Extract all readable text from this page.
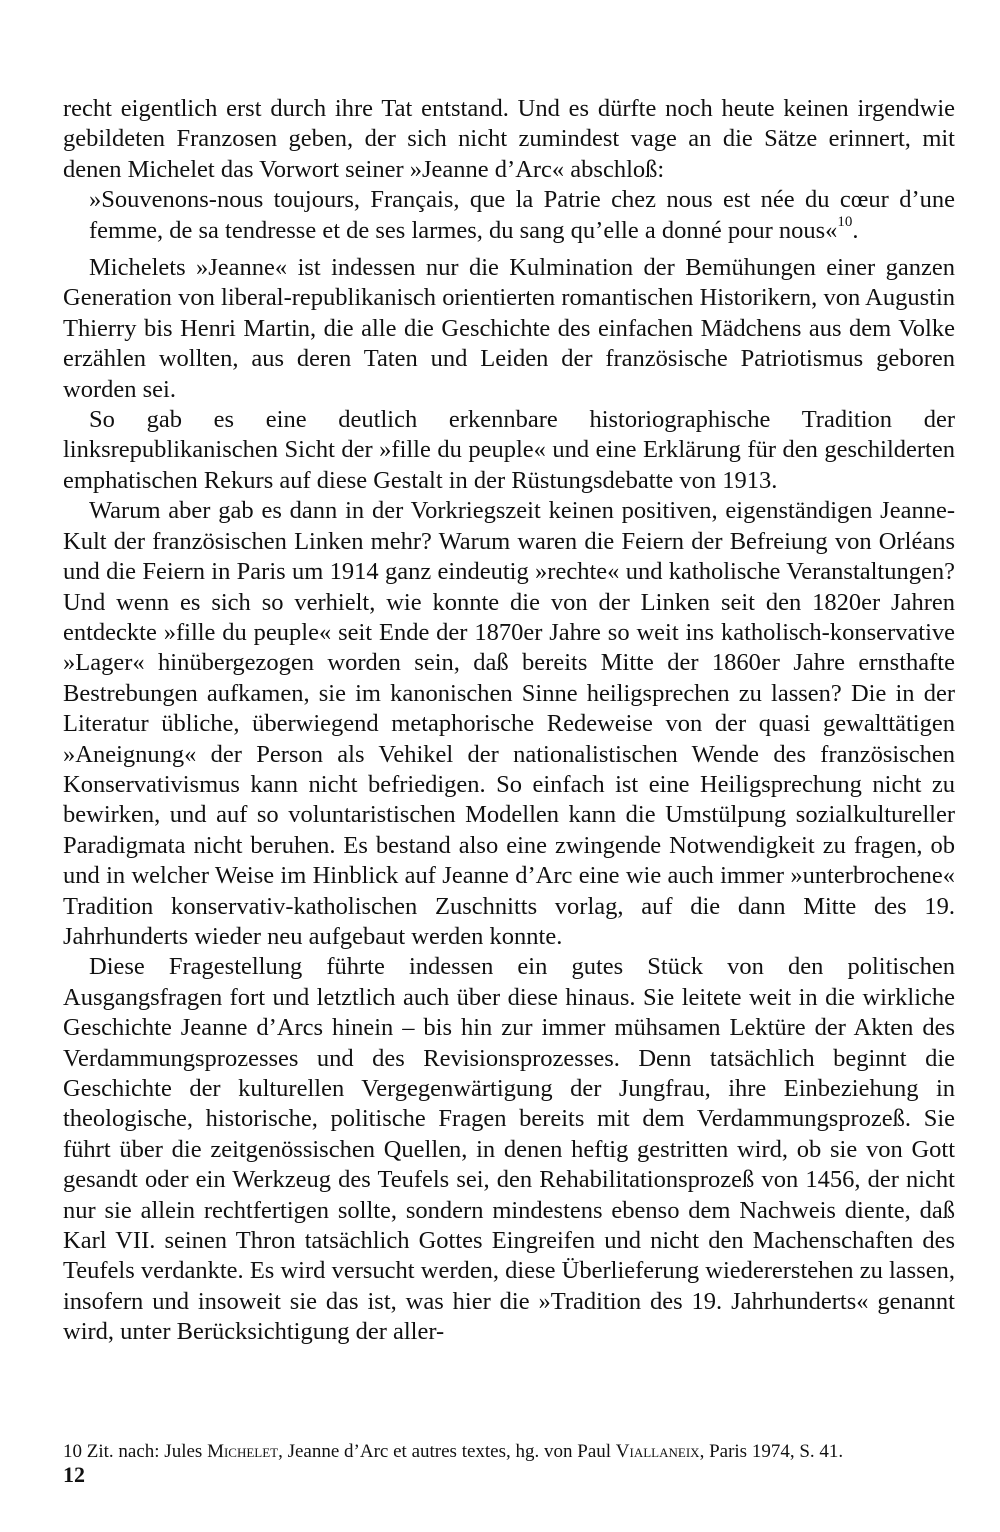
recht eigentlich erst durch ihre Tat entstand. Und es dürfte noch heute keinen irgendwie gebildeten Franzosen geben, der sich nicht zumindest vage an die Sätze erinnert, mit denen Michelet das Vorwort seiner »Jeanne d’Arc« abschloß:

»Souvenons-nous toujours, Français, que la Patrie chez nous est née du cœur d’une femme, de sa tendresse et de ses larmes, du sang qu’elle a donné pour nous«$^{10}$.

Michelets »Jeanne« ist indessen nur die Kulmination der Bemühungen einer ganzen Generation von liberal-republikanisch orientierten romantischen Historikern, von Augustin Thierry bis Henri Martin, die alle die Geschichte des einfachen Mädchens aus dem Volke erzählen wollten, aus deren Taten und Leiden der französische Patriotismus geboren worden sei.

So gab es eine deutlich erkennbare historiographische Tradition der linksrepublikanischen Sicht der »fille du peuple« und eine Erklärung für den geschilderten emphatischen Rekurs auf diese Gestalt in der Rüstungsdebatte von 1913.

Warum aber gab es dann in der Vorkriegszeit keinen positiven, eigenständigen Jeanne-Kult der französischen Linken mehr? Warum waren die Feiern der Befreiung von Orléans und die Feiern in Paris um 1914 ganz eindeutig »rechte« und katholische Veranstaltungen? Und wenn es sich so verhielt, wie konnte die von der Linken seit den 1820er Jahren entdeckte »fille du peuple« seit Ende der 1870er Jahre so weit ins katholisch-konservative »Lager« hinübergezogen worden sein, daß bereits Mitte der 1860er Jahre ernsthafte Bestrebungen aufkamen, sie im kanonischen Sinne heiligsprechen zu lassen? Die in der Literatur übliche, überwiegend metaphorische Redeweise von der quasi gewalttätigen »Aneignung« der Person als Vehikel der nationalistischen Wende des französischen Konservativismus kann nicht befriedigen. So einfach ist eine Heiligsprechung nicht zu bewirken, und auf so voluntaristischen Modellen kann die Umstülpung sozialkultureller Paradigmata nicht beruhen. Es bestand also eine zwingende Notwendigkeit zu fragen, ob und in welcher Weise im Hinblick auf Jeanne d’Arc eine wie auch immer »unterbrochene« Tradition konservativ-katholischen Zuschnitts vorlag, auf die dann Mitte des 19. Jahrhunderts wieder neu aufgebaut werden konnte.

Diese Fragestellung führte indessen ein gutes Stück von den politischen Ausgangsfragen fort und letztlich auch über diese hinaus. Sie leitete weit in die wirkliche Geschichte Jeanne d’Arcs hinein – bis hin zur immer mühsamen Lektüre der Akten des Verdammungsprozesses und des Revisionsprozesses. Denn tatsächlich beginnt die Geschichte der kulturellen Vergegenwärtigung der Jungfrau, ihre Einbeziehung in theologische, historische, politische Fragen bereits mit dem Verdammungsprozeß. Sie führt über die zeitgenössischen Quellen, in denen heftig gestritten wird, ob sie von Gott gesandt oder ein Werkzeug des Teufels sei, den Rehabilitationsprozeß von 1456, der nicht nur sie allein rechtfertigen sollte, sondern mindestens ebenso dem Nachweis diente, daß Karl VII. seinen Thron tatsächlich Gottes Eingreifen und nicht den Machenschaften des Teufels verdankte. Es wird versucht werden, diese Überlieferung wiedererstehen zu lassen, insofern und insoweit sie das ist, was hier die »Tradition des 19. Jahrhunderts« genannt wird, unter Berücksichtigung der aller-

10 Zit. nach: Jules Michelet, Jeanne d’Arc et autres textes, hg. von Paul Viallaneix, Paris 1974, S. 41.
12
